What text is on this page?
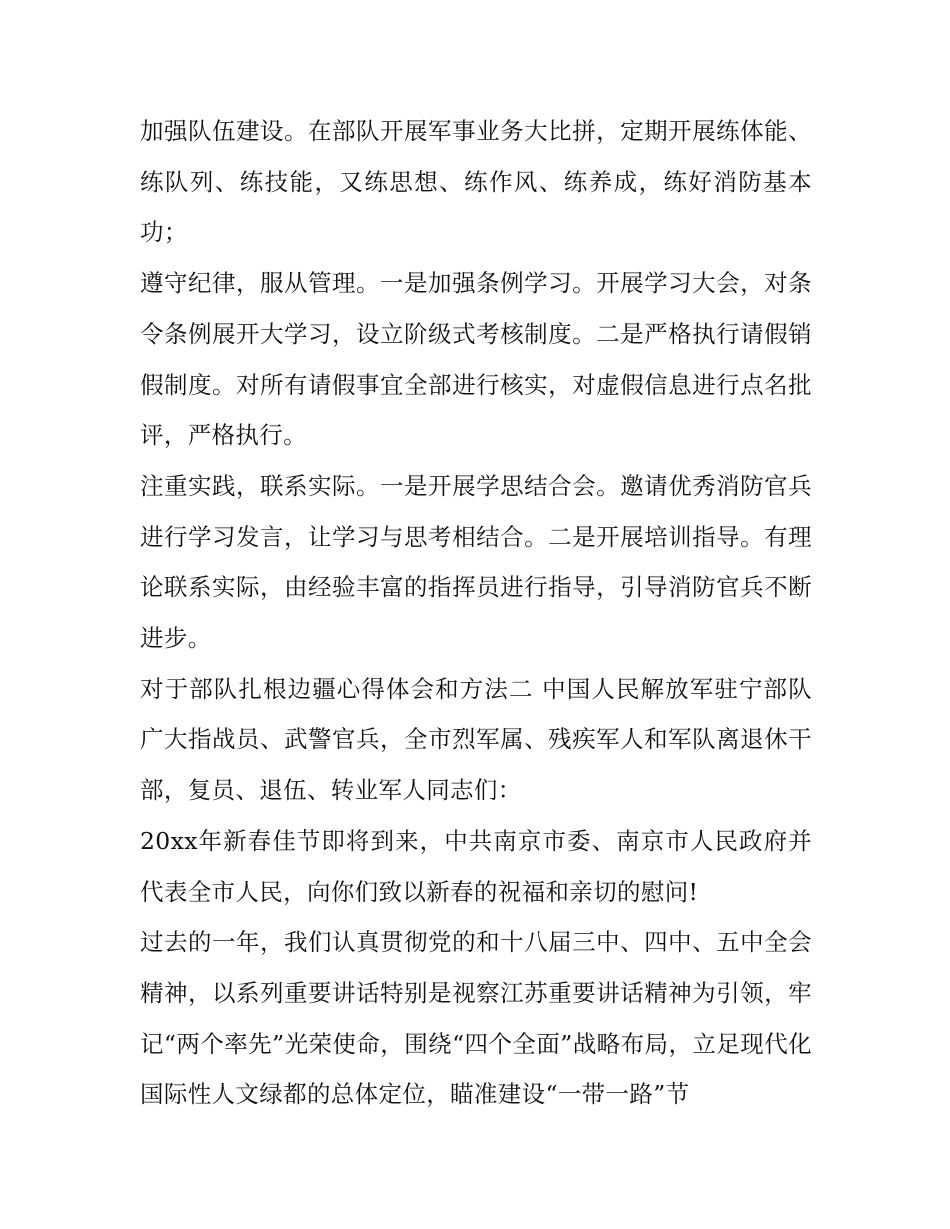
加强队伍建设。在部队开展军事业务大比拼，定期开展练体能、练队列、练技能，又练思想、练作风、练养成，练好消防基本功；

遵守纪律，服从管理。一是加强条例学习。开展学习大会，对条令条例展开大学习，设立阶级式考核制度。二是严格执行请假销假制度。对所有请假事宜全部进行核实，对虚假信息进行点名批评，严格执行。

注重实践，联系实际。一是开展学思结合会。邀请优秀消防官兵进行学习发言，让学习与思考相结合。二是开展培训指导。有理论联系实际，由经验丰富的指挥员进行指导，引导消防官兵不断进步。

对于部队扎根边疆心得体会和方法二 中国人民解放军驻宁部队广大指战员、武警官兵，全市烈军属、残疾军人和军队离退休干部，复员、退伍、转业军人同志们：

20xx年新春佳节即将到来，中共南京市委、南京市人民政府并代表全市人民，向你们致以新春的祝福和亲切的慰问!

过去的一年，我们认真贯彻党的和十八届三中、四中、五中全会精神，以系列重要讲话特别是视察江苏重要讲话精神为引领，牢记“两个率先”光荣使命，围绕“四个全面”战略布局，立足现代化国际性人文绿都的总体定位，瞄准建设“一带一路”节
